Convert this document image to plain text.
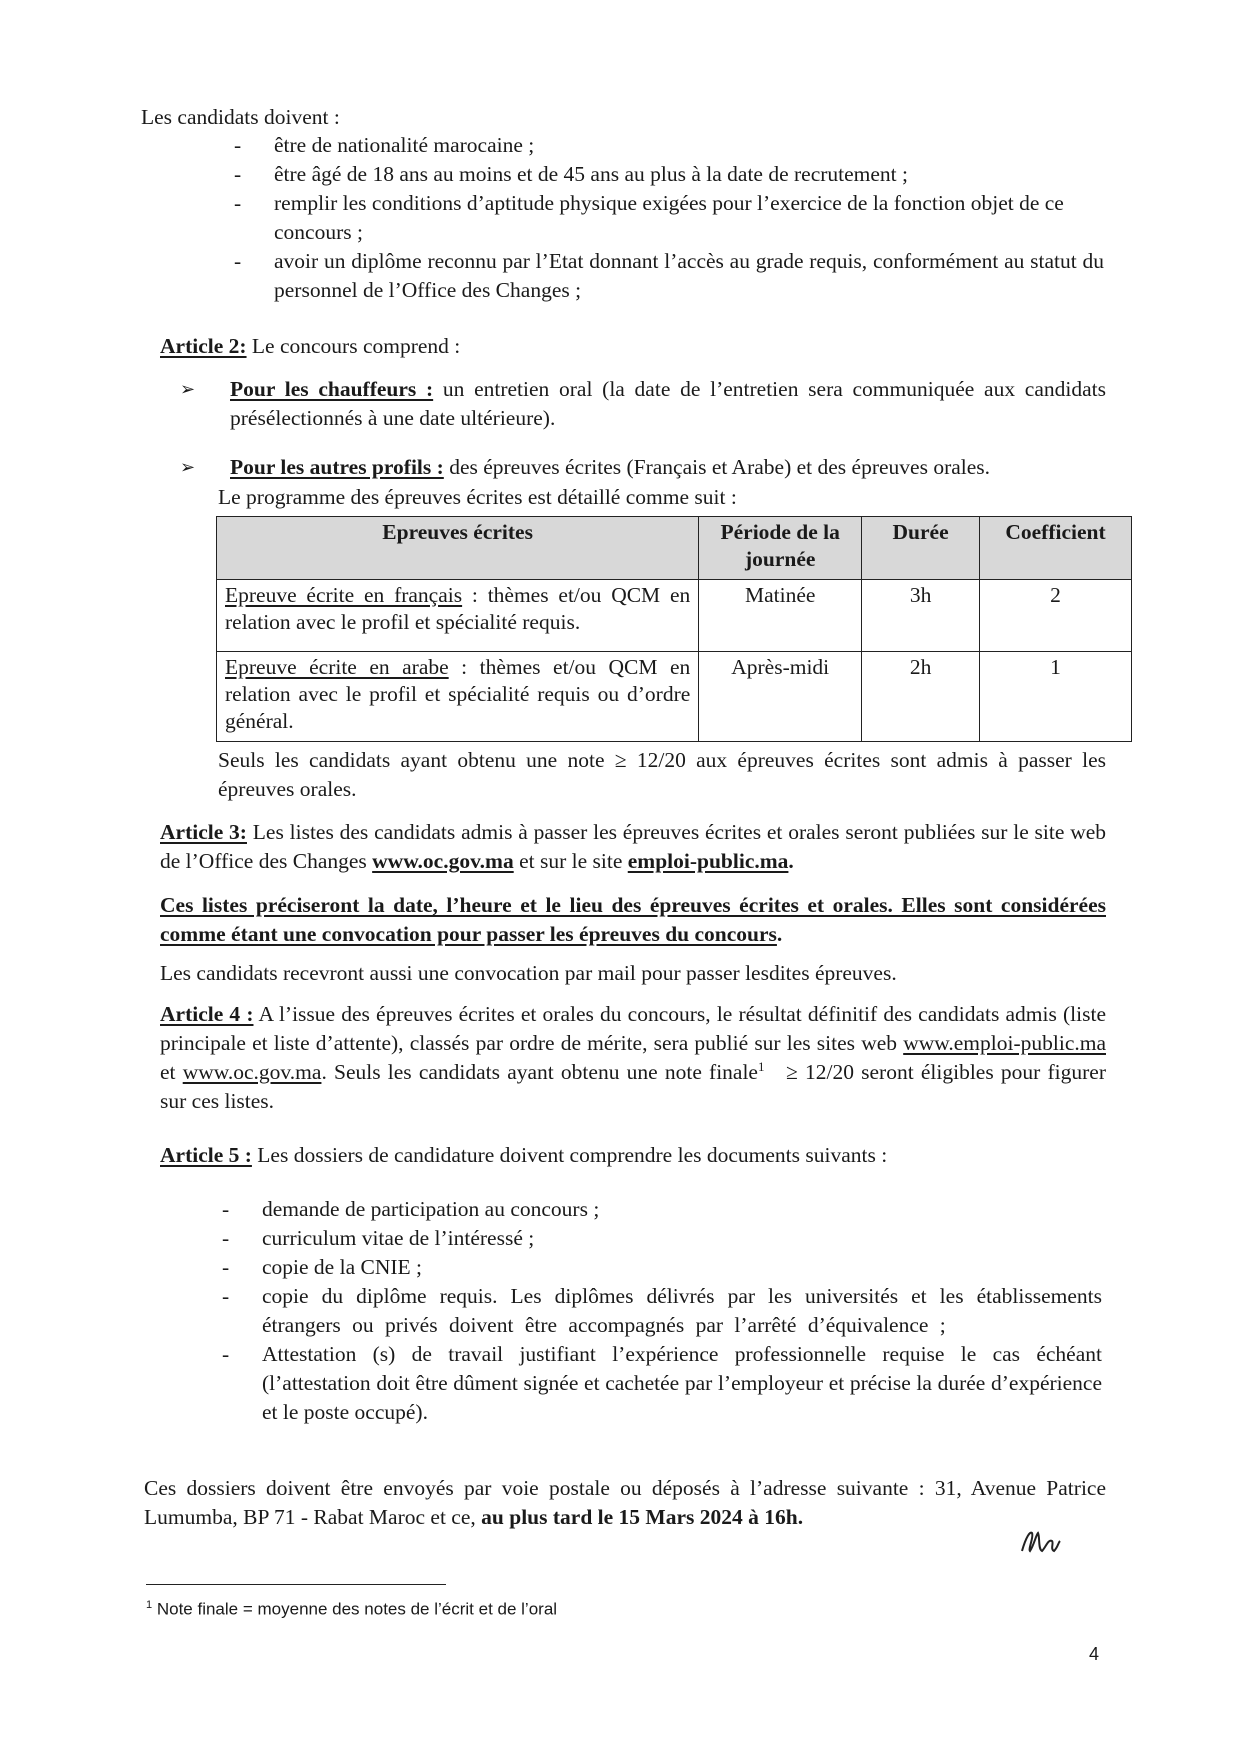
Les candidats doivent :
-	être de nationalité marocaine ;
-	être âgé de 18 ans au moins et de 45 ans au plus à la date de recrutement ;
-	remplir les conditions d’aptitude physique exigées pour l’exercice de la fonction objet de ce concours ;
-	avoir un diplôme reconnu par l’Etat donnant l’accès au grade requis, conformément au statut du personnel de l’Office des Changes ;
Article 2: Le concours comprend :
➢	Pour les chauffeurs : un entretien oral (la date de l’entretien sera communiquée aux candidats présélectionnés à une date ultérieure).
➢	Pour les autres profils : des épreuves écrites (Français et Arabe) et des épreuves orales.
Le programme des épreuves écrites est détaillé comme suit :
Epreuves écrites	Période de la journée	Durée	Coefficient
Epreuve écrite en français : thèmes et/ou QCM en relation avec le profil et spécialité requis.	Matinée	3h	2
Epreuve écrite en arabe : thèmes et/ou QCM en relation avec le profil et spécialité requis ou d’ordre général.	Après-midi	2h	1
Seuls les candidats ayant obtenu une note ≥ 12/20 aux épreuves écrites sont admis à passer les épreuves orales.
Article 3: Les listes des candidats admis à passer les épreuves écrites et orales seront publiées sur le site web de l’Office des Changes www.oc.gov.ma et sur le site emploi-public.ma.
Ces listes préciseront la date, l’heure et le lieu des épreuves écrites et orales. Elles sont considérées comme étant une convocation pour passer les épreuves du concours.
Les candidats recevront aussi une convocation par mail pour passer lesdites épreuves.
Article 4 : A l’issue des épreuves écrites et orales du concours, le résultat définitif des candidats admis (liste principale et liste d’attente), classés par ordre de mérite, sera publié sur les sites web www.emploi-public.ma et www.oc.gov.ma. Seuls les candidats ayant obtenu une note finale$^1$   ≥ 12/20 seront éligibles pour figurer sur ces listes.
Article 5 : Les dossiers de candidature doivent comprendre les documents suivants :
-	demande de participation au concours ;
-	curriculum vitae de l’intéressé ;
-	copie de la CNIE ;
-	copie du diplôme requis. Les diplômes délivrés par les universités et les établissements étrangers ou privés doivent être accompagnés par l’arrêté d’équivalence ;
-	Attestation (s) de travail justifiant l’expérience professionnelle requise le cas échéant (l’attestation doit être dûment signée et cachetée par l’employeur et précise la durée d’expérience et le poste occupé).
Ces dossiers doivent être envoyés par voie postale ou déposés à l’adresse suivante : 31, Avenue Patrice Lumumba, BP 71 - Rabat Maroc et ce, au plus tard le 15 Mars 2024 à 16h.
$^1$ Note finale = moyenne des notes de l’écrit et de l’oral
4
